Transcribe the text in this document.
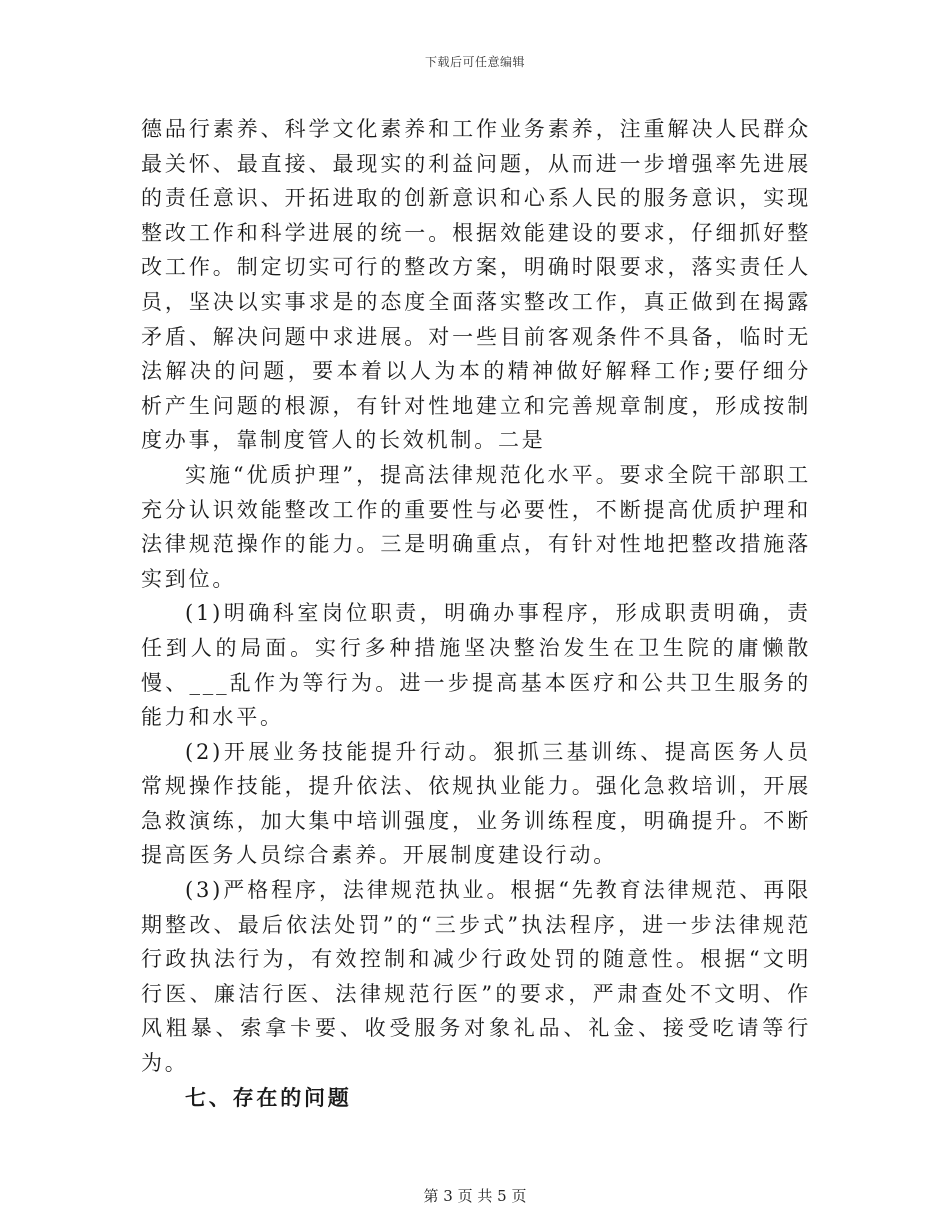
下载后可任意编辑

德品行素养、科学文化素养和工作业务素养，注重解决人民群众最关怀、最直接、最现实的利益问题，从而进一步增强率先进展的责任意识、开拓进取的创新意识和心系人民的服务意识，实现整改工作和科学进展的统一。根据效能建设的要求，仔细抓好整改工作。制定切实可行的整改方案，明确时限要求，落实责任人员，坚决以实事求是的态度全面落实整改工作，真正做到在揭露矛盾、解决问题中求进展。对一些目前客观条件不具备，临时无法解决的问题，要本着以人为本的精神做好解释工作;要仔细分析产生问题的根源，有针对性地建立和完善规章制度，形成按制度办事，靠制度管人的长效机制。二是

实施“优质护理”，提高法律规范化水平。要求全院干部职工充分认识效能整改工作的重要性与必要性，不断提高优质护理和法律规范操作的能力。三是明确重点，有针对性地把整改措施落实到位。

(1)明确科室岗位职责，明确办事程序，形成职责明确，责任到人的局面。实行多种措施坚决整治发生在卫生院的庸懒散慢、___乱作为等行为。进一步提高基本医疗和公共卫生服务的能力和水平。

(2)开展业务技能提升行动。狠抓三基训练、提高医务人员常规操作技能，提升依法、依规执业能力。强化急救培训，开展急救演练，加大集中培训强度，业务训练程度，明确提升。不断提高医务人员综合素养。开展制度建设行动。

(3)严格程序，法律规范执业。根据“先教育法律规范、再限期整改、最后依法处罚”的“三步式”执法程序，进一步法律规范行政执法行为，有效控制和减少行政处罚的随意性。根据“文明行医、廉洁行医、法律规范行医”的要求，严肃查处不文明、作风粗暴、索拿卡要、收受服务对象礼品、礼金、接受吃请等行为。

七、存在的问题

第 3 页 共 5 页
